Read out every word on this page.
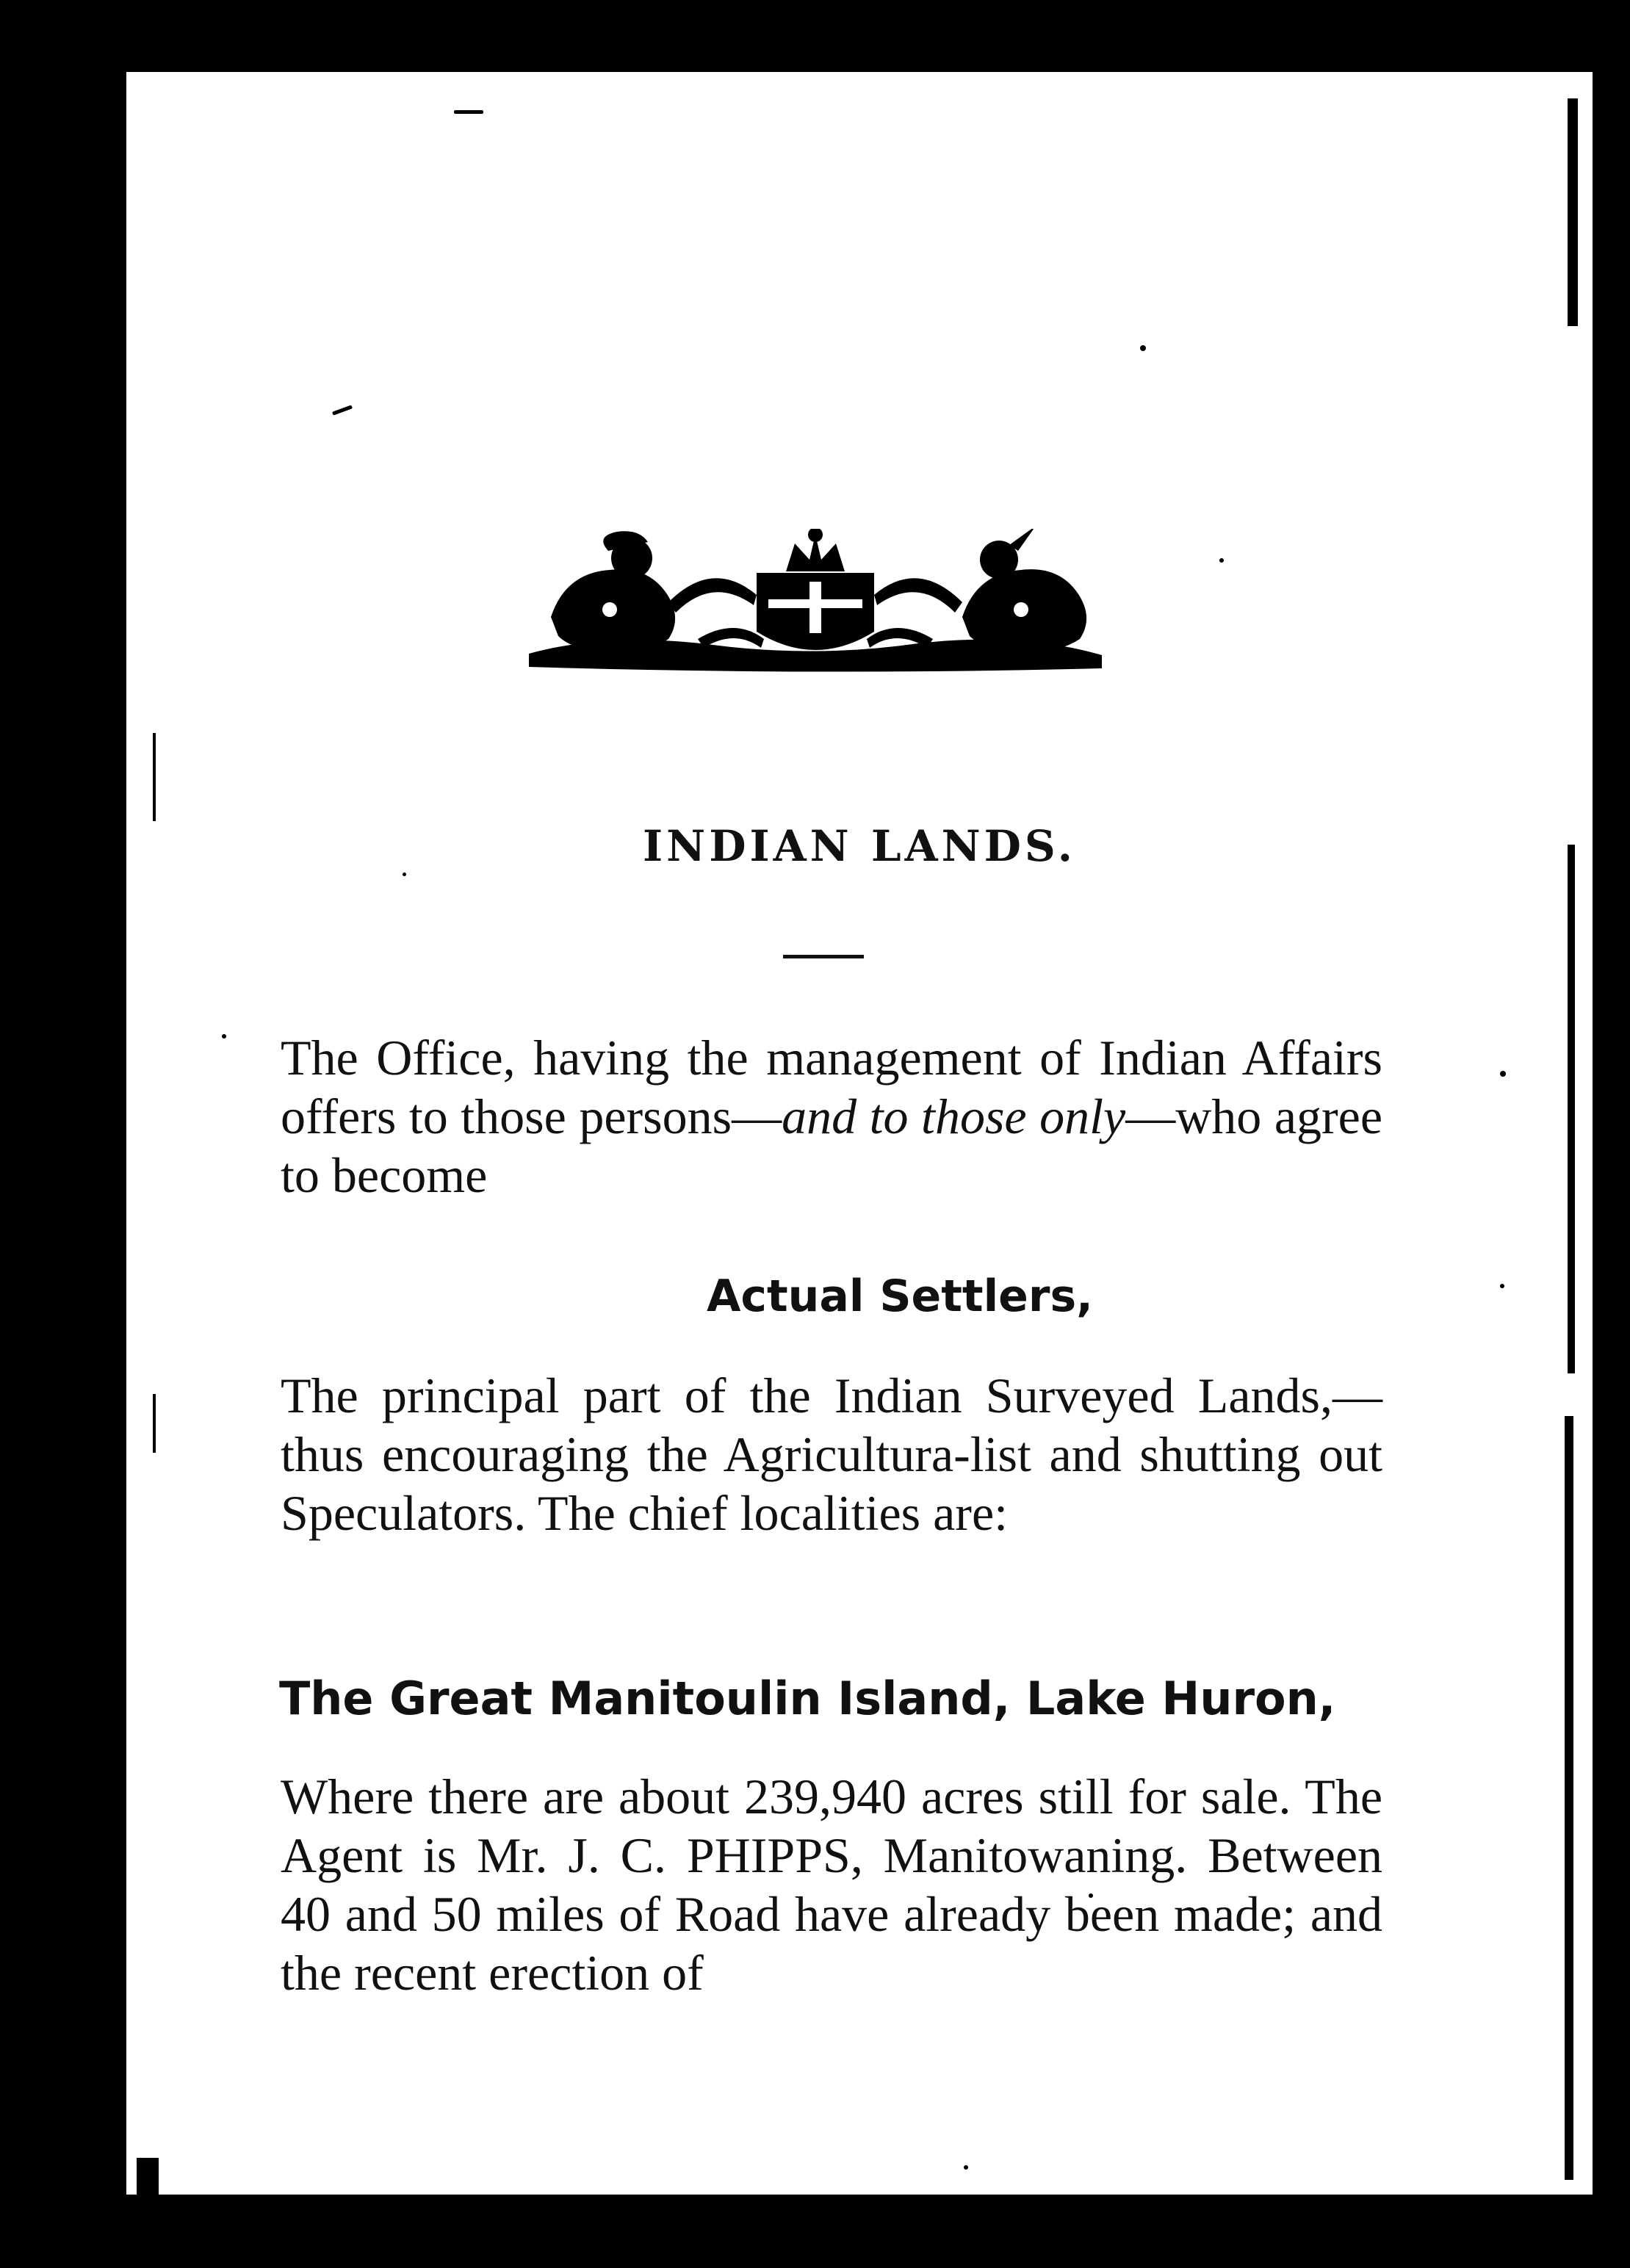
INDIAN LANDS.

The Office, having the management of Indian Affairs offers to those persons—and to those only—who agree to become

Actual Settlers,

The principal part of the Indian Surveyed Lands,—thus encouraging the Agricultura-list and shutting out Speculators. The chief localities are:

The Great Manitoulin Island, Lake Huron,

Where there are about 239,940 acres still for sale. The Agent is Mr. J. C. PHIPPS, Manitowaning. Between 40 and 50 miles of Road have already been made; and the recent erection of
